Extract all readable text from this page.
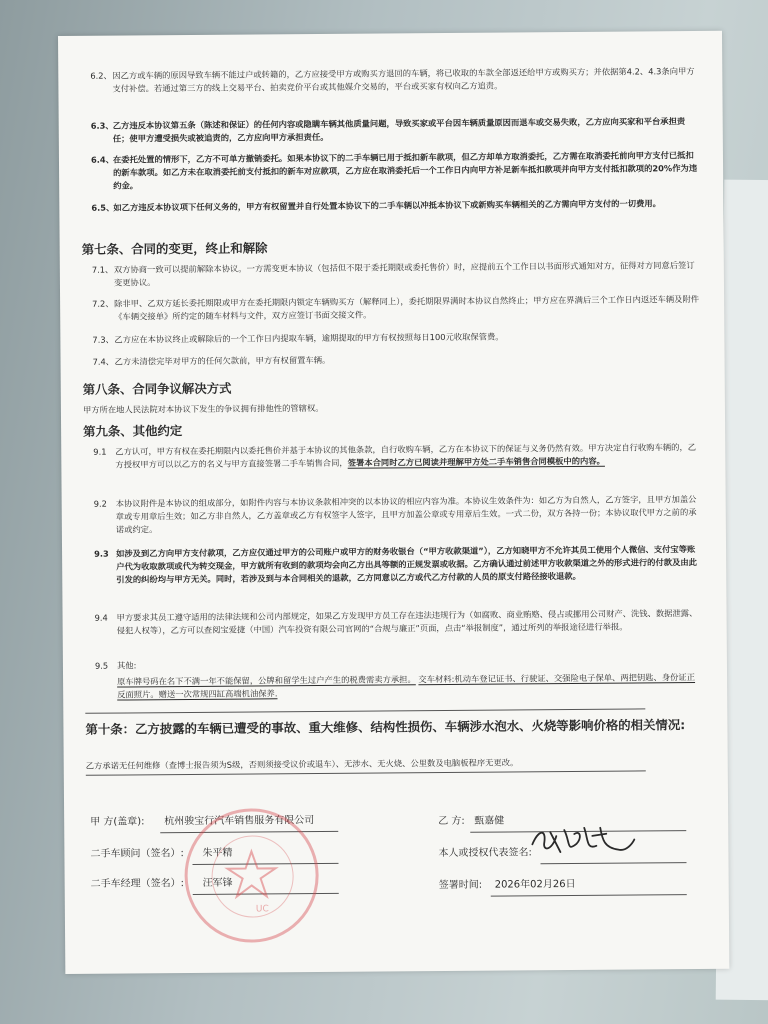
6.2、 因乙方或车辆的原因导致车辆不能过户或转籍的，乙方应接受甲方或购买方退回的车辆，将已收取的车款全部返还给甲方或购买方；并依据第4.2、4.3条向甲方支付补偿。若通过第三方的线上交易平台、拍卖竞价平台或其他媒介交易的，平台或买家有权向乙方追责。
6.3、
乙方违反本协议第五条（陈述和保证）的任何内容或隐瞒车辆其他质量问题，导致买家或平台因车辆质量原因而退车或交易失败，乙方应向买家和平台承担责任；使甲方遭受损失或被追责的，乙方应向甲方承担责任。
6.4、
在委托处置的情形下，乙方不可单方撤销委托。如果本协议下的二手车辆已用于抵扣新车款项，但乙方却单方取消委托，乙方需在取消委托前向甲方支付已抵扣的新车款项。如乙方未在取消委托前支付抵扣的新车对应款项，乙方应在取消委托后一个工作日内向甲方补足新车抵扣款项并向甲方支付抵扣款项的20%作为违约金。
6.5、
如乙方违反本协议项下任何义务的，甲方有权留置并自行处置本协议下的二手车辆以冲抵本协议下或新购买车辆相关的乙方需向甲方支付的一切费用。
第七条、合同的变更，终止和解除
7.1、 双方协商一致可以提前解除本协议。一方需变更本协议（包括但不限于委托期限或委托售价）时，应提前五个工作日以书面形式通知对方，征得对方同意后签订变更协议。
7.2、 除非甲、乙双方延长委托期限或甲方在委托期限内锁定车辆购买方（解释同上），委托期限界满时本协议自然终止；甲方应在界满后三个工作日内返还车辆及附件《车辆交接单》所约定的随车材料与文件，双方应签订书面交接文件。
7.3、 乙方应在本协议终止或解除后的一个工作日内提取车辆，逾期提取的甲方有权按照每日100元收取保管费。
7.4、 乙方未清偿完毕对甲方的任何欠款前，甲方有权留置车辆。
第八条、合同争议解决方式
甲方所在地人民法院对本协议下发生的争议拥有排他性的管辖权。
第九条、其他约定
9.1 乙方认可，甲方有权在委托期限内以委托售价并基于本协议的其他条款，自行收购车辆，乙方在本协议下的保证与义务仍然有效。甲方决定自行收购车辆的，乙方授权甲方可以以乙方的名义与甲方直接签署二手车销售合同，签署本合同时乙方已阅读并理解甲方处二手车销售合同模板中的内容。
9.2 本协议附件是本协议的组成部分，如附件内容与本协议条款相冲突的以本协议的相应内容为准。本协议生效条件为：如乙方为自然人，乙方签字，且甲方加盖公章或专用章后生效；如乙方非自然人，乙方盖章或乙方有权签字人签字，且甲方加盖公章或专用章后生效。一式二份，双方各持一份；本协议取代甲方之前的承诺或约定。
9.3 如涉及到乙方向甲方支付款项，乙方应仅通过甲方的公司账户或甲方的财务收银台（“甲方收款渠道”），乙方知晓甲方不允许其员工使用个人微信、支付宝等账户代为收取款项或代为转交现金，甲方就所有收到的款项均会向乙方出具等额的正规发票或收据。乙方确认通过前述甲方收款渠道之外的形式进行的付款及由此引发的纠纷均与甲方无关。同时，若涉及到与本合同相关的退款，乙方同意以乙方或代乙方付款的人员的原支付路径接收退款。
9.4 甲方要求其员工遵守适用的法律法规和公司内部规定，如果乙方发现甲方员工存在违法违规行为（如腐败、商业贿赂、侵占或挪用公司财产、洗钱、数据泄露、侵犯人权等），乙方可以查阅宝爱捷（中国）汽车投资有限公司官网的“合规与廉正”页面，点击“举报制度”，通过所列的举报途径进行举报。
9.5 其他:
原车牌号码在名下不满一年不能保留，公牌和留学生过户产生的税费需卖方承担。 交车材料:机动车登记证书、行驶证、交强险电子保单、两把钥匙、身份证正反面照片。赠送一次常规四缸高端机油保养.
第十条：乙方披露的车辆已遭受的事故、重大维修、结构性损伤、车辆涉水泡水、火烧等影响价格的相关情况:
乙方承诺无任何维修（查博士报告须为S级，否则须接受议价或退车）、无涉水、无火烧、公里数及电脑板程序无更改。
甲 方(盖章): 杭州骏宝行汽车销售服务有限公司
二手车顾问（签名）: 朱平精
二手车经理（签名）: 汪军锋
乙 方: 甄嘉健
本人或授权代表签名:
签署时间: 2026年02月26日
UC
